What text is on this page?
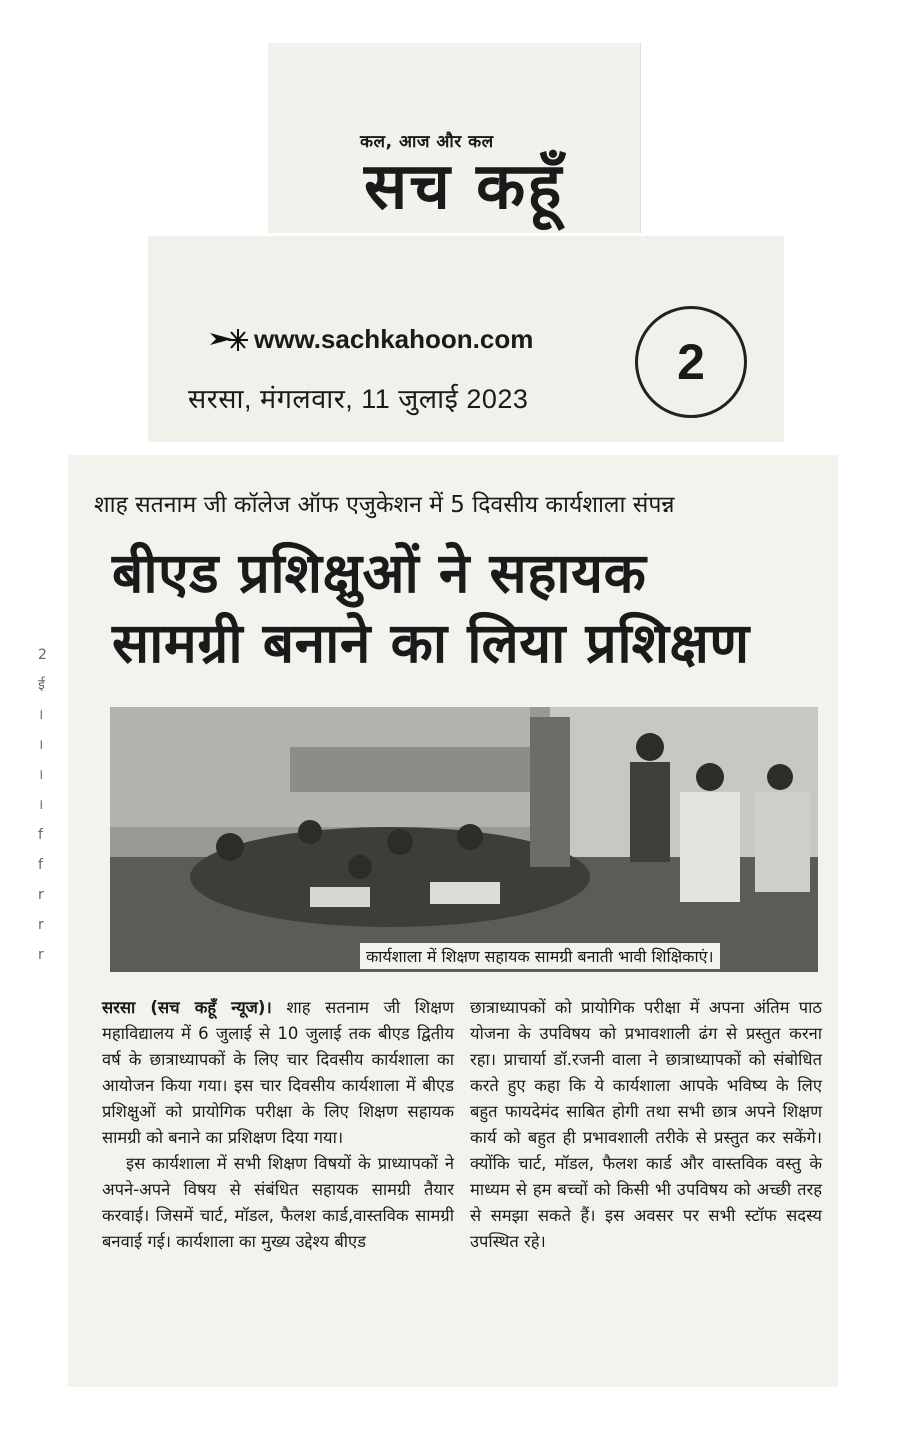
कल, आज और कल
सच कहूँ
www.sachkahoon.com
सरसा, मंगलवार, 11 जुलाई 2023
2
शाह सतनाम जी कॉलेज ऑफ एजुकेशन में 5 दिवसीय कार्यशाला संपन्न
बीएड प्रशिक्षुओं ने सहायक
सामग्री बनाने का लिया प्रशिक्षण
कार्यशाला में शिक्षण सहायक सामग्री बनाती भावी शिक्षिकाएं।

सरसा (सच कहूँ न्यूज)। शाह सतनाम जी शिक्षण महाविद्यालय में 6 जुलाई से 10 जुलाई तक बीएड द्वितीय वर्ष के छात्राध्यापकों के लिए चार दिवसीय कार्यशाला का आयोजन किया गया। इस चार दिवसीय कार्यशाला में बीएड प्रशिक्षुओं को प्रायोगिक परीक्षा के लिए शिक्षण सहायक सामग्री को बनाने का प्रशिक्षण दिया गया।

इस कार्यशाला में सभी शिक्षण विषयों के प्राध्यापकों ने अपने-अपने विषय से संबंधित सहायक सामग्री तैयार करवाई। जिसमें चार्ट, मॉडल, फैलश कार्ड,वास्तविक सामग्री बनवाई गई। कार्यशाला का मुख्य उद्देश्य बीएड

छात्राध्यापकों को प्रायोगिक परीक्षा में अपना अंतिम पाठ योजना के उपविषय को प्रभावशाली ढंग से प्रस्तुत करना रहा। प्राचार्या डॉ.रजनी वाला ने छात्राध्यापकों को संबोधित करते हुए कहा कि ये कार्यशाला आपके भविष्य के लिए बहुत फायदेमंद साबित होगी तथा सभी छात्र अपने शिक्षण कार्य को बहुत ही प्रभावशाली तरीके से प्रस्तुत कर सकेंगे। क्योंकि चार्ट, मॉडल, फैलश कार्ड और वास्तविक वस्तु के माध्यम से हम बच्चों को किसी भी उपविषय को अच्छी तरह से समझा सकते हैं। इस अवसर पर सभी स्टॉफ सदस्य उपस्थित रहे।

2
ई
।
।
।
।
f
f
r
r
r
